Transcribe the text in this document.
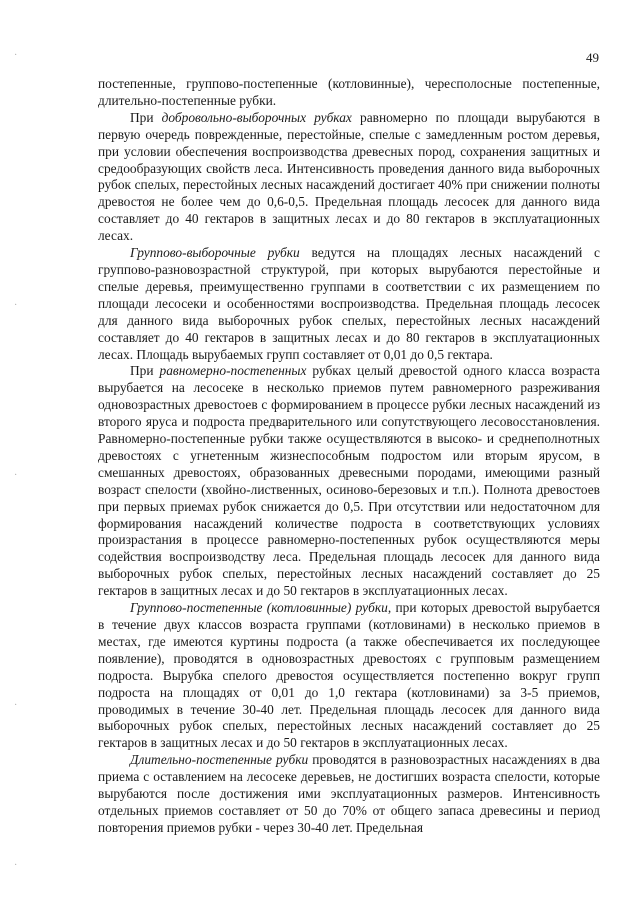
49
·
·
·
·
·

постепенные, группово-постепенные (котловинные), чересполосные постепенные, длительно-постепенные рубки.

При добровольно-выборочных рубках равномерно по площади вырубаются в первую очередь поврежденные, перестойные, спелые с замедленным ростом деревья, при условии обеспечения воспроизводства древесных пород, сохранения защитных и средообразующих свойств леса. Интенсивность проведения данного вида выборочных рубок спелых, перестойных лесных насаждений достигает 40% при снижении полноты древостоя не более чем до 0,6-0,5. Предельная площадь лесосек для данного вида составляет до 40 гектаров в защитных лесах и до 80 гектаров в эксплуатационных лесах.

Группово-выборочные рубки ведутся на площадях лесных насаждений с группово-разновозрастной структурой, при которых вырубаются перестойные и спелые деревья, преимущественно группами в соответствии с их размещением по площади лесосеки и особенностями воспроизводства. Предельная площадь лесосек для данного вида выборочных рубок спелых, перестойных лесных насаждений составляет до 40 гектаров в защитных лесах и до 80 гектаров в эксплуатационных лесах. Площадь вырубаемых групп составляет от 0,01 до 0,5 гектара.

При равномерно-постепенных рубках целый древостой одного класса возраста вырубается на лесосеке в несколько приемов путем равномерного разреживания одновозрастных древостоев с формированием в процессе рубки лесных насаждений из второго яруса и подроста предварительного или сопутствующего лесовосстановления. Равномерно-постепенные рубки также осуществляются в высоко- и среднеполнотных древостоях с угнетенным жизнеспособным подростом или вторым ярусом, в смешанных древостоях, образованных древесными породами, имеющими разный возраст спелости (хвойно-лиственных, осиново-березовых и т.п.). Полнота древостоев при первых приемах рубок снижается до 0,5. При отсутствии или недостаточном для формирования насаждений количестве подроста в соответствующих условиях произрастания в процессе равномерно-постепенных рубок осуществляются меры содействия воспроизводству леса. Предельная площадь лесосек для данного вида выборочных рубок спелых, перестойных лесных насаждений составляет до 25 гектаров в защитных лесах и до 50 гектаров в эксплуатационных лесах.

Группово-постепенные (котловинные) рубки, при которых древостой вырубается в течение двух классов возраста группами (котловинами) в несколько приемов в местах, где имеются куртины подроста (а также обеспечивается их последующее появление), проводятся в одновозрастных древостоях с групповым размещением подроста. Вырубка спелого древостоя осуществляется постепенно вокруг групп подроста на площадях от 0,01 до 1,0 гектара (котловинами) за 3-5 приемов, проводимых в течение 30-40 лет. Предельная площадь лесосек для данного вида выборочных рубок спелых, перестойных лесных насаждений составляет до 25 гектаров в защитных лесах и до 50 гектаров в эксплуатационных лесах.

Длительно-постепенные рубки проводятся в разновозрастных насаждениях в два приема с оставлением на лесосеке деревьев, не достигших возраста спелости, которые вырубаются после достижения ими эксплуатационных размеров. Интенсивность отдельных приемов составляет от 50 до 70% от общего запаса древесины и период повторения приемов рубки - через 30-40 лет. Предельная
